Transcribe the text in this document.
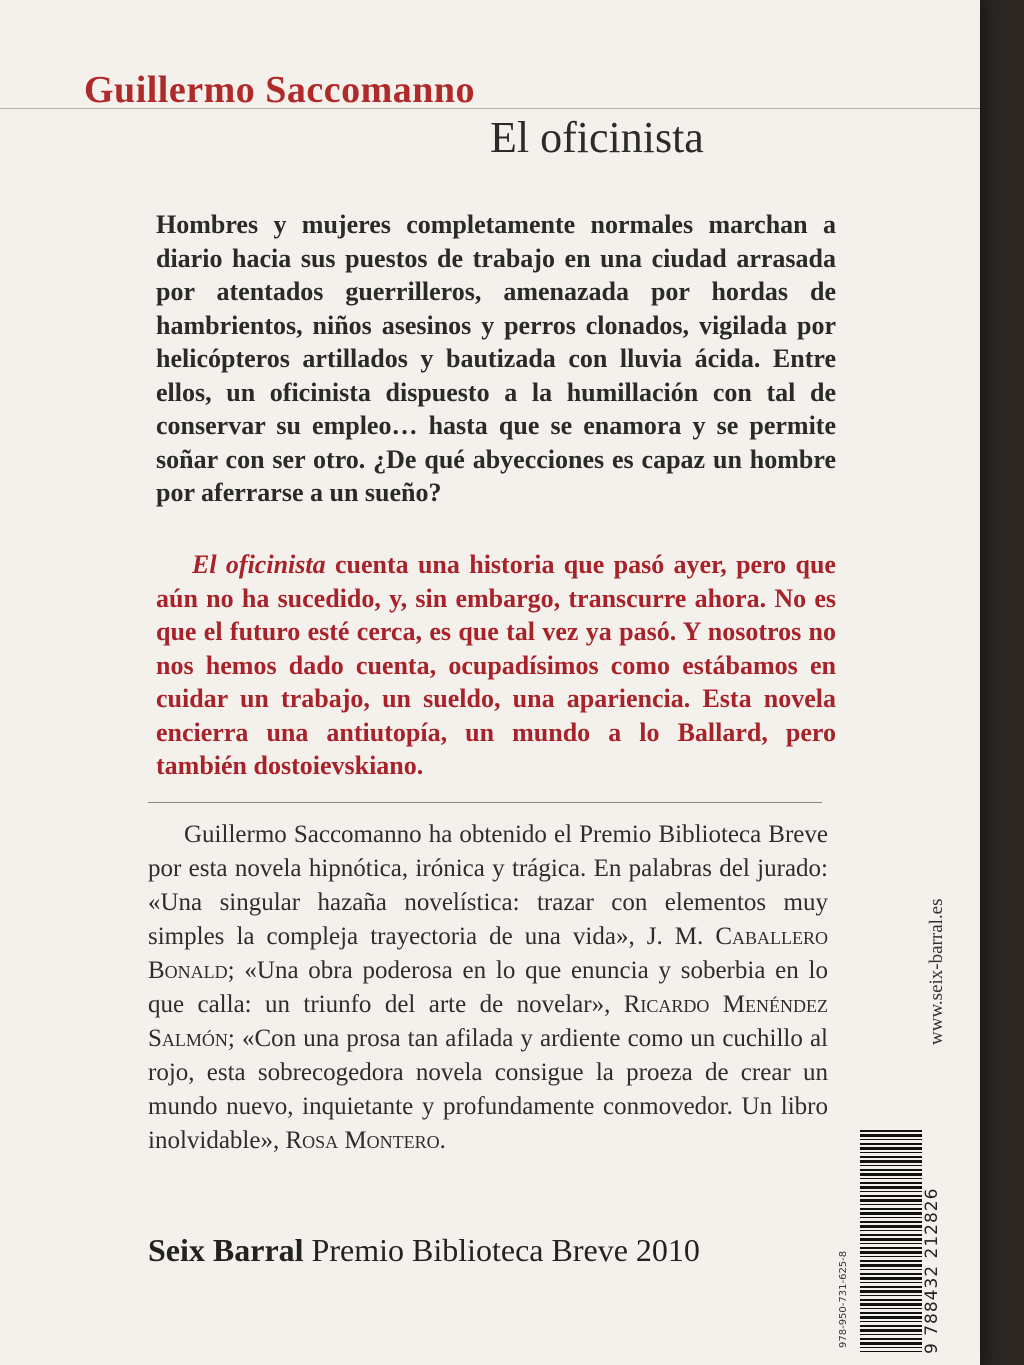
Guillermo Saccomanno
El oficinista

Hombres y mujeres completamente normales marchan a diario hacia sus puestos de trabajo en una ciudad arrasada por atentados guerrilleros, amenazada por hordas de hambrientos, niños asesinos y perros clonados, vigilada por helicópteros artillados y bautizada con lluvia ácida. Entre ellos, un oficinista dispuesto a la humillación con tal de conservar su empleo… hasta que se enamora y se permite soñar con ser otro. ¿De qué abyecciones es capaz un hombre por aferrarse a un sueño?

El oficinista cuenta una historia que pasó ayer, pero que aún no ha sucedido, y, sin embargo, transcurre ahora. No es que el futuro esté cerca, es que tal vez ya pasó. Y nosotros no nos hemos dado cuenta, ocupadísimos como estábamos en cuidar un trabajo, un sueldo, una apariencia. Esta novela encierra una antiutopía, un mundo a lo Ballard, pero también dostoievskiano.

Guillermo Saccomanno ha obtenido el Premio Biblioteca Breve por esta novela hipnótica, irónica y trágica. En palabras del jurado: «Una singular hazaña novelística: trazar con elementos muy simples la compleja trayectoria de una vida», J. M. Caballero Bonald; «Una obra poderosa en lo que enuncia y soberbia en lo que calla: un triunfo del arte de novelar», Ricardo Menéndez Salmón; «Con una prosa tan afilada y ardiente como un cuchillo al rojo, esta sobrecogedora novela consigue la proeza de crear un mundo nuevo, inquietante y profundamente conmovedor. Un libro inolvidable», Rosa Montero.

Seix Barral Premio Biblioteca Breve 2010
www.seix-barral.es
978-950-731-625-8	9 788432 212826
